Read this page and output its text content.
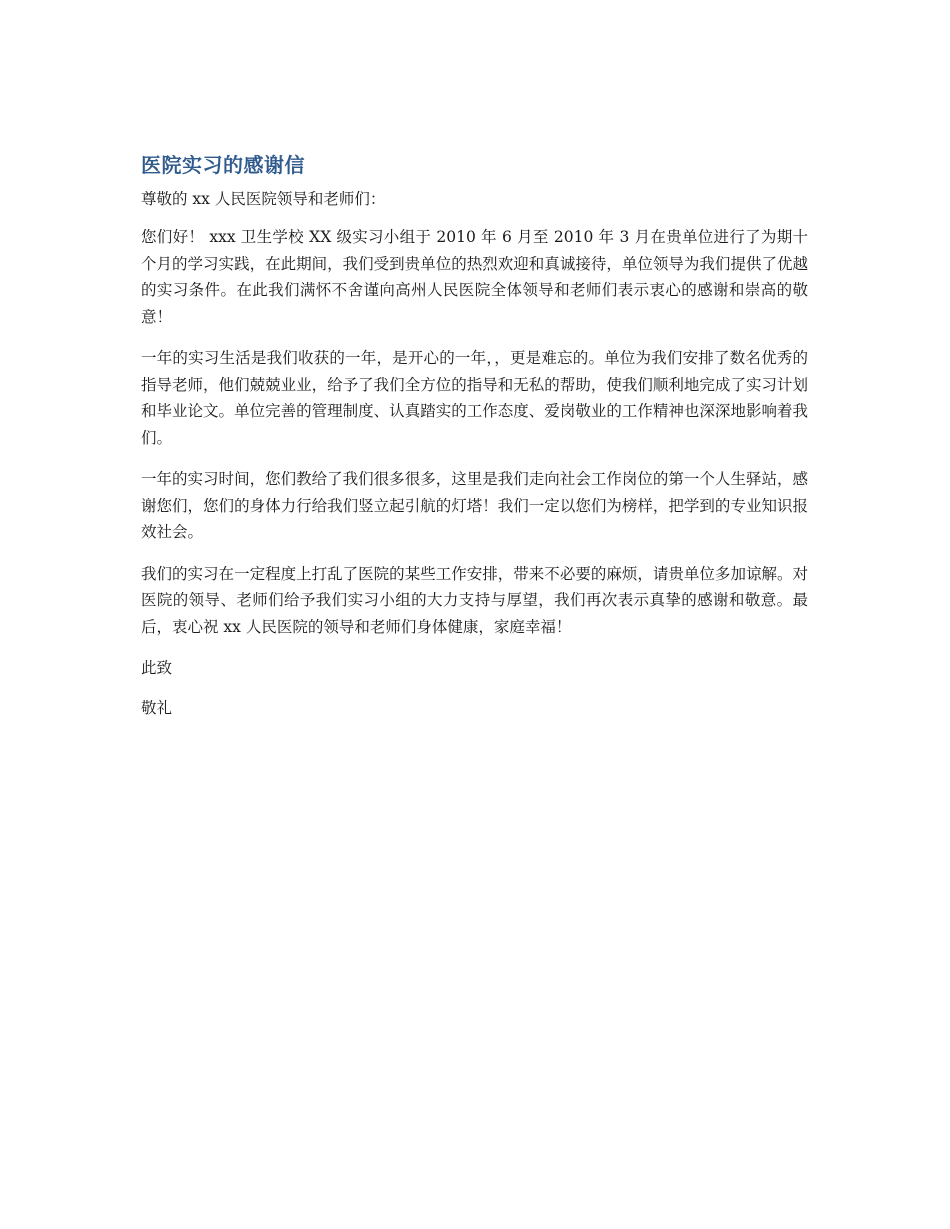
医院实习的感谢信

尊敬的 xx 人民医院领导和老师们：

您们好！ xxx 卫生学校 XX 级实习小组于 2010 年 6 月至 2010 年 3 月在贵单位进行了为期十个月的学习实践，在此期间，我们受到贵单位的热烈欢迎和真诚接待，单位领导为我们提供了优越的实习条件。在此我们满怀不舍谨向高州人民医院全体领导和老师们表示衷心的感谢和崇高的敬意！

一年的实习生活是我们收获的一年，是开心的一年，，更是难忘的。单位为我们安排了数名优秀的指导老师，他们兢兢业业，给予了我们全方位的指导和无私的帮助，使我们顺利地完成了实习计划和毕业论文。单位完善的管理制度、认真踏实的工作态度、爱岗敬业的工作精神也深深地影响着我们。

一年的实习时间，您们教给了我们很多很多，这里是我们走向社会工作岗位的第一个人生驿站，感谢您们，您们的身体力行给我们竖立起引航的灯塔！我们一定以您们为榜样，把学到的专业知识报效社会。

我们的实习在一定程度上打乱了医院的某些工作安排，带来不必要的麻烦，请贵单位多加谅解。对医院的领导、老师们给予我们实习小组的大力支持与厚望，我们再次表示真挚的感谢和敬意。最后，衷心祝 xx 人民医院的领导和老师们身体健康，家庭幸福！

此致

敬礼
